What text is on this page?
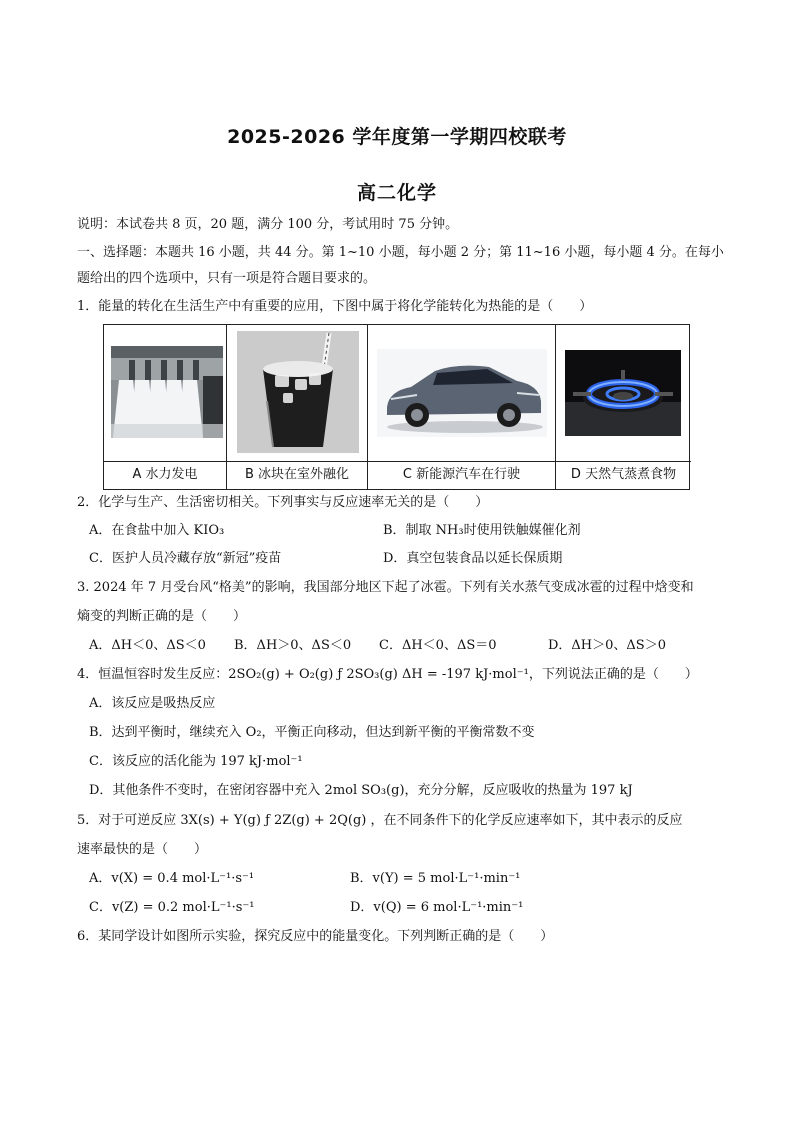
2025-2026 学年度第一学期四校联考
高二化学
说明：本试卷共 8 页，20 题，满分 100 分，考试用时 75 分钟。
一、选择题：本题共 16 小题，共 44 分。第 1~10 小题，每小题 2 分；第 11~16 小题，每小题 4 分。在每小
题给出的四个选项中，只有一项是符合题目要求的。
1．能量的转化在生活生产中有重要的应用，下图中属于将化学能转化为热能的是（　　）
A 水力发电	B 冰块在室外融化	C 新能源汽车在行驶	D 天然气蒸煮食物
2．化学与生产、生活密切相关。下列事实与反应速率无关的是（　　）
A．在食盐中加入 KIO₃	B．制取 NH₃时使用铁触媒催化剂
C．医护人员冷藏存放“新冠”疫苗	D．真空包装食品以延长保质期
3. 2024 年 7 月受台风“格美”的影响，我国部分地区下起了冰雹。下列有关水蒸气变成冰雹的过程中焓变和
熵变的判断正确的是（　　）
A．ΔH＜0、ΔS＜0 B．ΔH＞0、ΔS＜0 C．ΔH＜0、ΔS＝0	D．ΔH＞0、ΔS＞0
4．恒温恒容时发生反应：2SO₂(g) + O₂(g) ƒ 2SO₃(g) ΔH = -197 kJ·mol⁻¹，下列说法正确的是（　　）
A．该反应是吸热反应
B．达到平衡时，继续充入 O₂，平衡正向移动，但达到新平衡的平衡常数不变
C．该反应的活化能为 197 kJ·mol⁻¹
D．其他条件不变时，在密闭容器中充入 2mol SO₃(g)，充分分解，反应吸收的热量为 197 kJ
5．对于可逆反应 3X(s) + Y(g) ƒ 2Z(g) + 2Q(g) ，在不同条件下的化学反应速率如下，其中表示的反应
速率最快的是（　　）
A．v(X) = 0.4 mol·L⁻¹·s⁻¹	B．v(Y) = 5 mol·L⁻¹·min⁻¹
C．v(Z) = 0.2 mol·L⁻¹·s⁻¹	D．v(Q) = 6 mol·L⁻¹·min⁻¹
6．某同学设计如图所示实验，探究反应中的能量变化。下列判断正确的是（　　）
